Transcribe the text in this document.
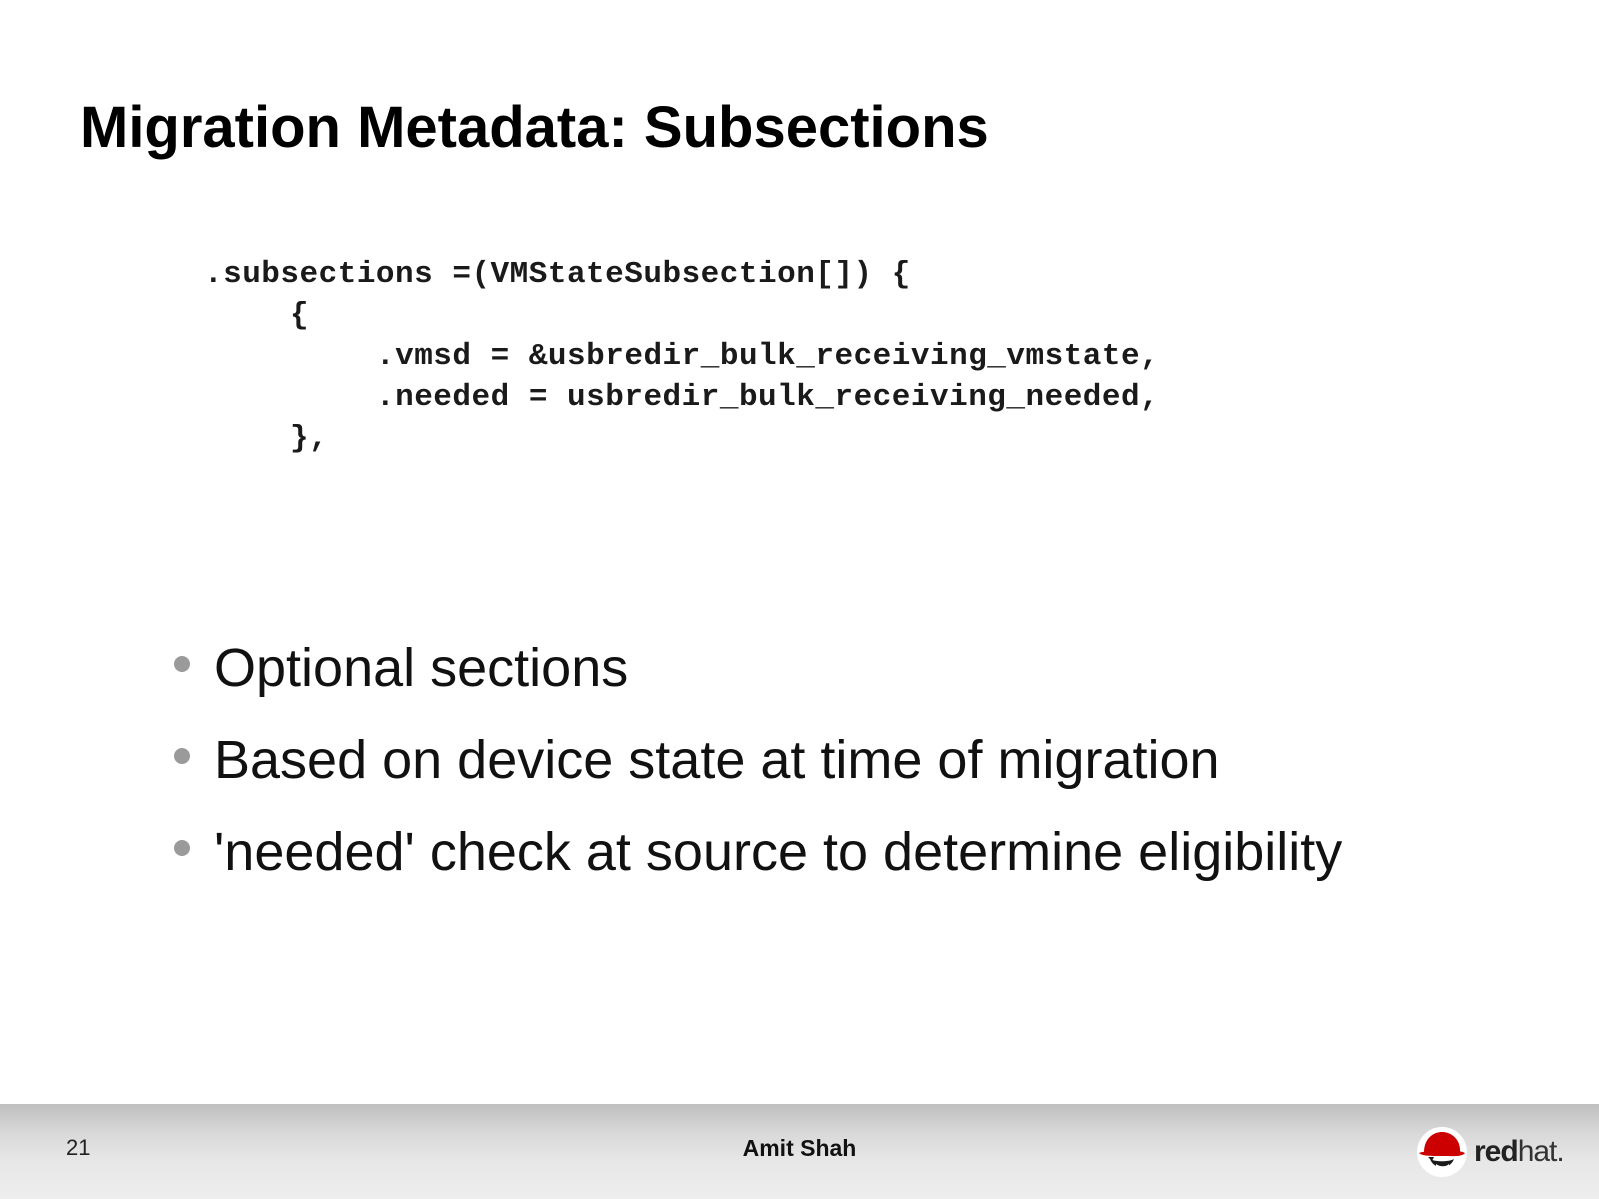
Migration Metadata: Subsections
.subsections =(VMStateSubsection[]) {
{
.vmsd = &usbredir_bulk_receiving_vmstate,
.needed = usbredir_bulk_receiving_needed,
},
Optional sections
Based on device state at time of migration
'needed' check at source to determine eligibility
21	Amit Shah	redhat.
